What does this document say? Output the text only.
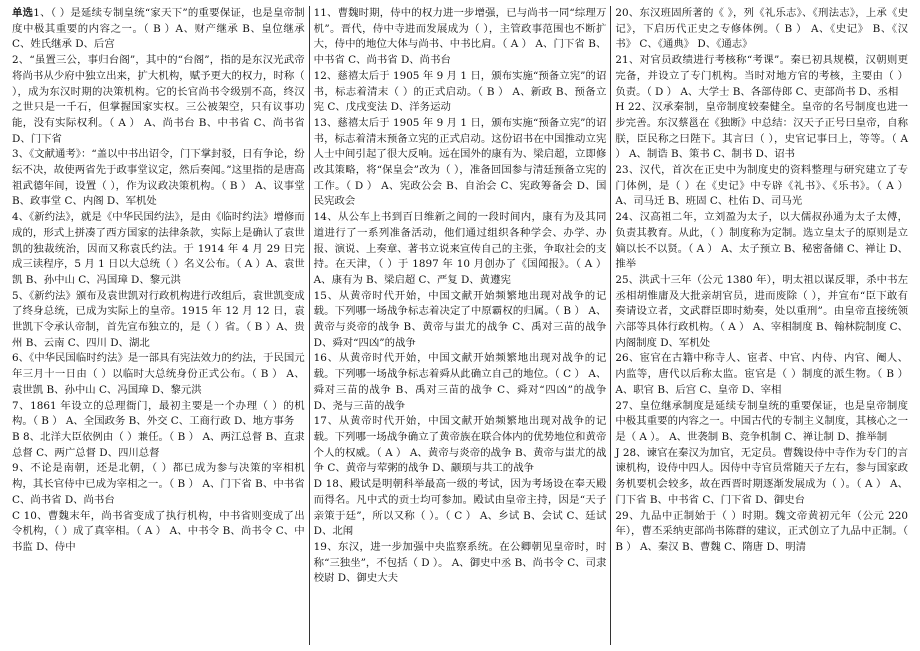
单选1、（ ）是延续专制皇统“家天下”的重要保证，也是皇帝制度中极其重要的内容之一。（ B ）A、财产继承 B、皇位继承 C、姓氏继承 D、后宫
2、“虽置三公，事归台阁”，其中的“台阁”，指的是东汉光武帝将尚书从少府中独立出来，扩大机构，赋予更大的权力，时称（ ），成为东汉时期的决策机构。它的长官尚书令级别不高，终汉之世只是一千石，但掌握国家实权。三公被架空，只有议事功能，没有实际权利。（ A ） A、尚书台 B、中书省 C、尚书省 D、门下省
3、《文献通考》：“盖以中书出诏令，门下掌封驳，日有争论，纷纭不决，故使两省先于政事堂议定，然后奏闻。”这里指的是唐高祖武德年间，设置（ ），作为议政决策机构。（ B ） A、议事堂 B、政事堂 C、内阁 D、军机处
4、《新约法》，就是《中华民国约法》，是由《临时约法》增修而成的，形式上拼凑了西方国家的法律条款，实际上是确认了袁世凯的独裁统治，因而又称袁氏约法。于 1914 年 4 月 29 日完成三读程序，5 月 1 日以大总统（ ）名义公布。（ A ）A、袁世凯 B、孙中山 C、冯国璋 D、黎元洪
5、《新约法》颁布及袁世凯对行政机构进行改组后，袁世凯变成了终身总统，已成为实际上的皇帝。1915 年 12 月 12 日，袁世凯下令承认帝制，首先宣布独立的，是（ ）省。（ B ）A、贵州 B、云南 C、四川 D、湖北
6、《中华民国临时约法》是一部具有宪法效力的约法，于民国元年三月十一日由（ ）以临时大总统身份正式公布。（ B ） A、袁世凯 B、孙中山 C、冯国璋 D、黎元洪
7、1861 年设立的总理衙门，最初主要是一个办理（ ）的机构。（ B ） A、全国政务 B、外交 C、工商行政 D、地方事务
B 8、北洋大臣依例由（ ）兼任。（ B ） A、两江总督 B、直隶总督 C、两广总督 D、四川总督
9、不论是南朝，还是北朝，（ ）都已成为参与决策的宰相机构，其长官侍中已成为宰相之一。（ B ） A、门下省 B、中书省 C、尚书省 D、尚书台
C 10、曹魏末年，尚书省变成了执行机构，中书省则变成了出令机构，（ ）成了真宰相。（ A ） A、中书令 B、尚书令 C、中书监 D、侍中
11、曹魏时期，侍中的权力进一步增强，已与尚书一同“综理万机”。晋代，侍中寺进而发展成为（ ），主管政事范围也不断扩大，侍中的地位大体与尚书、中书比肩。（ A ） A、门下省 B、中书省 C、尚书省 D、尚书台
12、慈禧太后于 1905 年 9 月 1 日，颁布实施“预备立宪”的诏书，标志着清末（ ）的正式启动。（ B ） A、新政 B、预备立宪 C、戊戌变法 D、洋务运动
13、慈禧太后于 1905 年 9 月 1 日，颁布实施“预备立宪”的诏书，标志着清末预备立宪的正式启动。这份诏书在中国推动立宪人士中间引起了很大反响。远在国外的康有为、梁启超，立即修改其策略，将“保皇会”改为（ ），准备回国参与清廷预备立宪的工作。（ D ） A、宪政公会 B、自治会 C、宪政筹备会 D、国民宪政会
14、从公车上书到百日维新之间的一段时间内，康有为及其同道进行了一系列准备活动，他们通过组织各种学会、办学、办报、演说、上奏章、著书立说来宣传自己的主张，争取社会的支持。在天津，（ ）于 1897 年 10 月创办了《国闻报》。（ A ）A、康有为 B、梁启超 C、严复 D、黄遵宪
15、从黄帝时代开始，中国文献开始频繁地出现对战争的记载。下列哪一场战争标志着决定了中原霸权的归属。（ B ） A、黄帝与炎帝的战争 B、黄帝与蚩尤的战争 C、禹对三苗的战争 D、舜对“四凶”的战争
16、从黄帝时代开始，中国文献开始频繁地出现对战争的记载。下列哪一场战争标志着舜从此确立自己的地位。（ C ） A、舜对三苗的战争 B、禹对三苗的战争 C、舜对“四凶”的战争 D、尧与三苗的战争
17、从黄帝时代开始，中国文献开始频繁地出现对战争的记载。下列哪一场战争确立了黄帝族在联合体内的优势地位和黄帝个人的权威。（ A ） A、黄帝与炎帝的战争 B、黄帝与蚩尤的战争 C、黄帝与荤粥的战争 D、颛顼与共工的战争
D 18、殿试是明朝科举最高一级的考试，因为考场设在奉天殿而得名。凡中式的贡士均可参加。殿试由皇帝主持，因是“天子亲策于廷”，所以又称（ ）。（ C ） A、乡试 B、会试 C、廷试 D、北闱
19、东汉，进一步加强中央监察系统。在公卿朝见皇帝时，时称“三独坐”，不包括（ D ）。 A、御史中丞 B、尚书令 C、司隶校尉 D、御史大夫
20、东汉班固所著的《 》，列《礼乐志》、《刑法志》，上承《史记》，下启历代正史之专修体例。（ B ） A、《史记》 B、《汉书》 C、《通典》 D、《通志》
21、对官员政绩进行考核称“考课”。秦已初具规模，汉朝则更完备，并设立了专门机构。当时对地方官的考核，主要由（ ）负责。（ D ） A、大学士 B、各部侍郎 C、吏部尚书 D、丞相
H 22、汉承秦制，皇帝制度较秦健全。皇帝的名号制度也进一步完善。东汉蔡邕在《独断》中总结：汉天子正号曰皇帝，自称朕，臣民称之曰陛下。其言曰（ ），史官记事曰上，等等。（ A ） A、制诰 B、策书 C、制书 D、诏书
23、汉代，首次在正史中为制度史的资料整理与研究建立了专门体例，是（ ）在《史记》中专辟《礼书》、《乐书》。（ A ） A、司马迁 B、班固 C、杜佑 D、司马光
24、汉高祖二年，立刘盈为太子，以大儒叔孙通为太子太傅，负责其教育。从此，（ ）制度称为定制。选立皇太子的原则是立嫡以长不以贤。（ A ） A、太子预立 B、秘密备储 C、禅让 D、推举
25、洪武十三年（公元 1380 年），明太祖以谋反罪，杀中书左丞相胡惟庸及大批亲胡官员，进而废除（ ），并宣布“臣下敢有奏请设立者，文武群臣即时劾奏，处以重刑”。由皇帝直接统领六部等具体行政机构。（ A ） A、宰相制度 B、翰林院制度 C、内阁制度 D、军机处
26、宦官在古籍中称寺人、宦者、中官、内侍、内官、阉人、内监等，唐代以后称太监。宦官是（ ）制度的派生物。（ B ） A、职官 B、后宫 C、皇帝 D、宰相
27、皇位继承制度是延续专制皇统的重要保证，也是皇帝制度中极其重要的内容之一。中国古代的专制主义制度，其核心之一是（ A ）。 A、世袭制 B、竞争机制 C、禅让制 D、推举制
J 28、谏官在秦汉为加官，无定员。曹魏设侍中寺作为专门的言谏机构，设侍中四人。因侍中寺官员常随天子左右，参与国家政务机要机会较多，故在西晋时期逐渐发展成为（ ）。（ A ） A、门下省 B、中书省 C、门下省 D、御史台
29、九品中正制始于（ ）时期。魏文帝黄初元年（公元 220 年），曹丕采纳吏部尚书陈群的建议，正式创立了九品中正制。（ B ） A、秦汉 B、曹魏 C、隋唐 D、明清
